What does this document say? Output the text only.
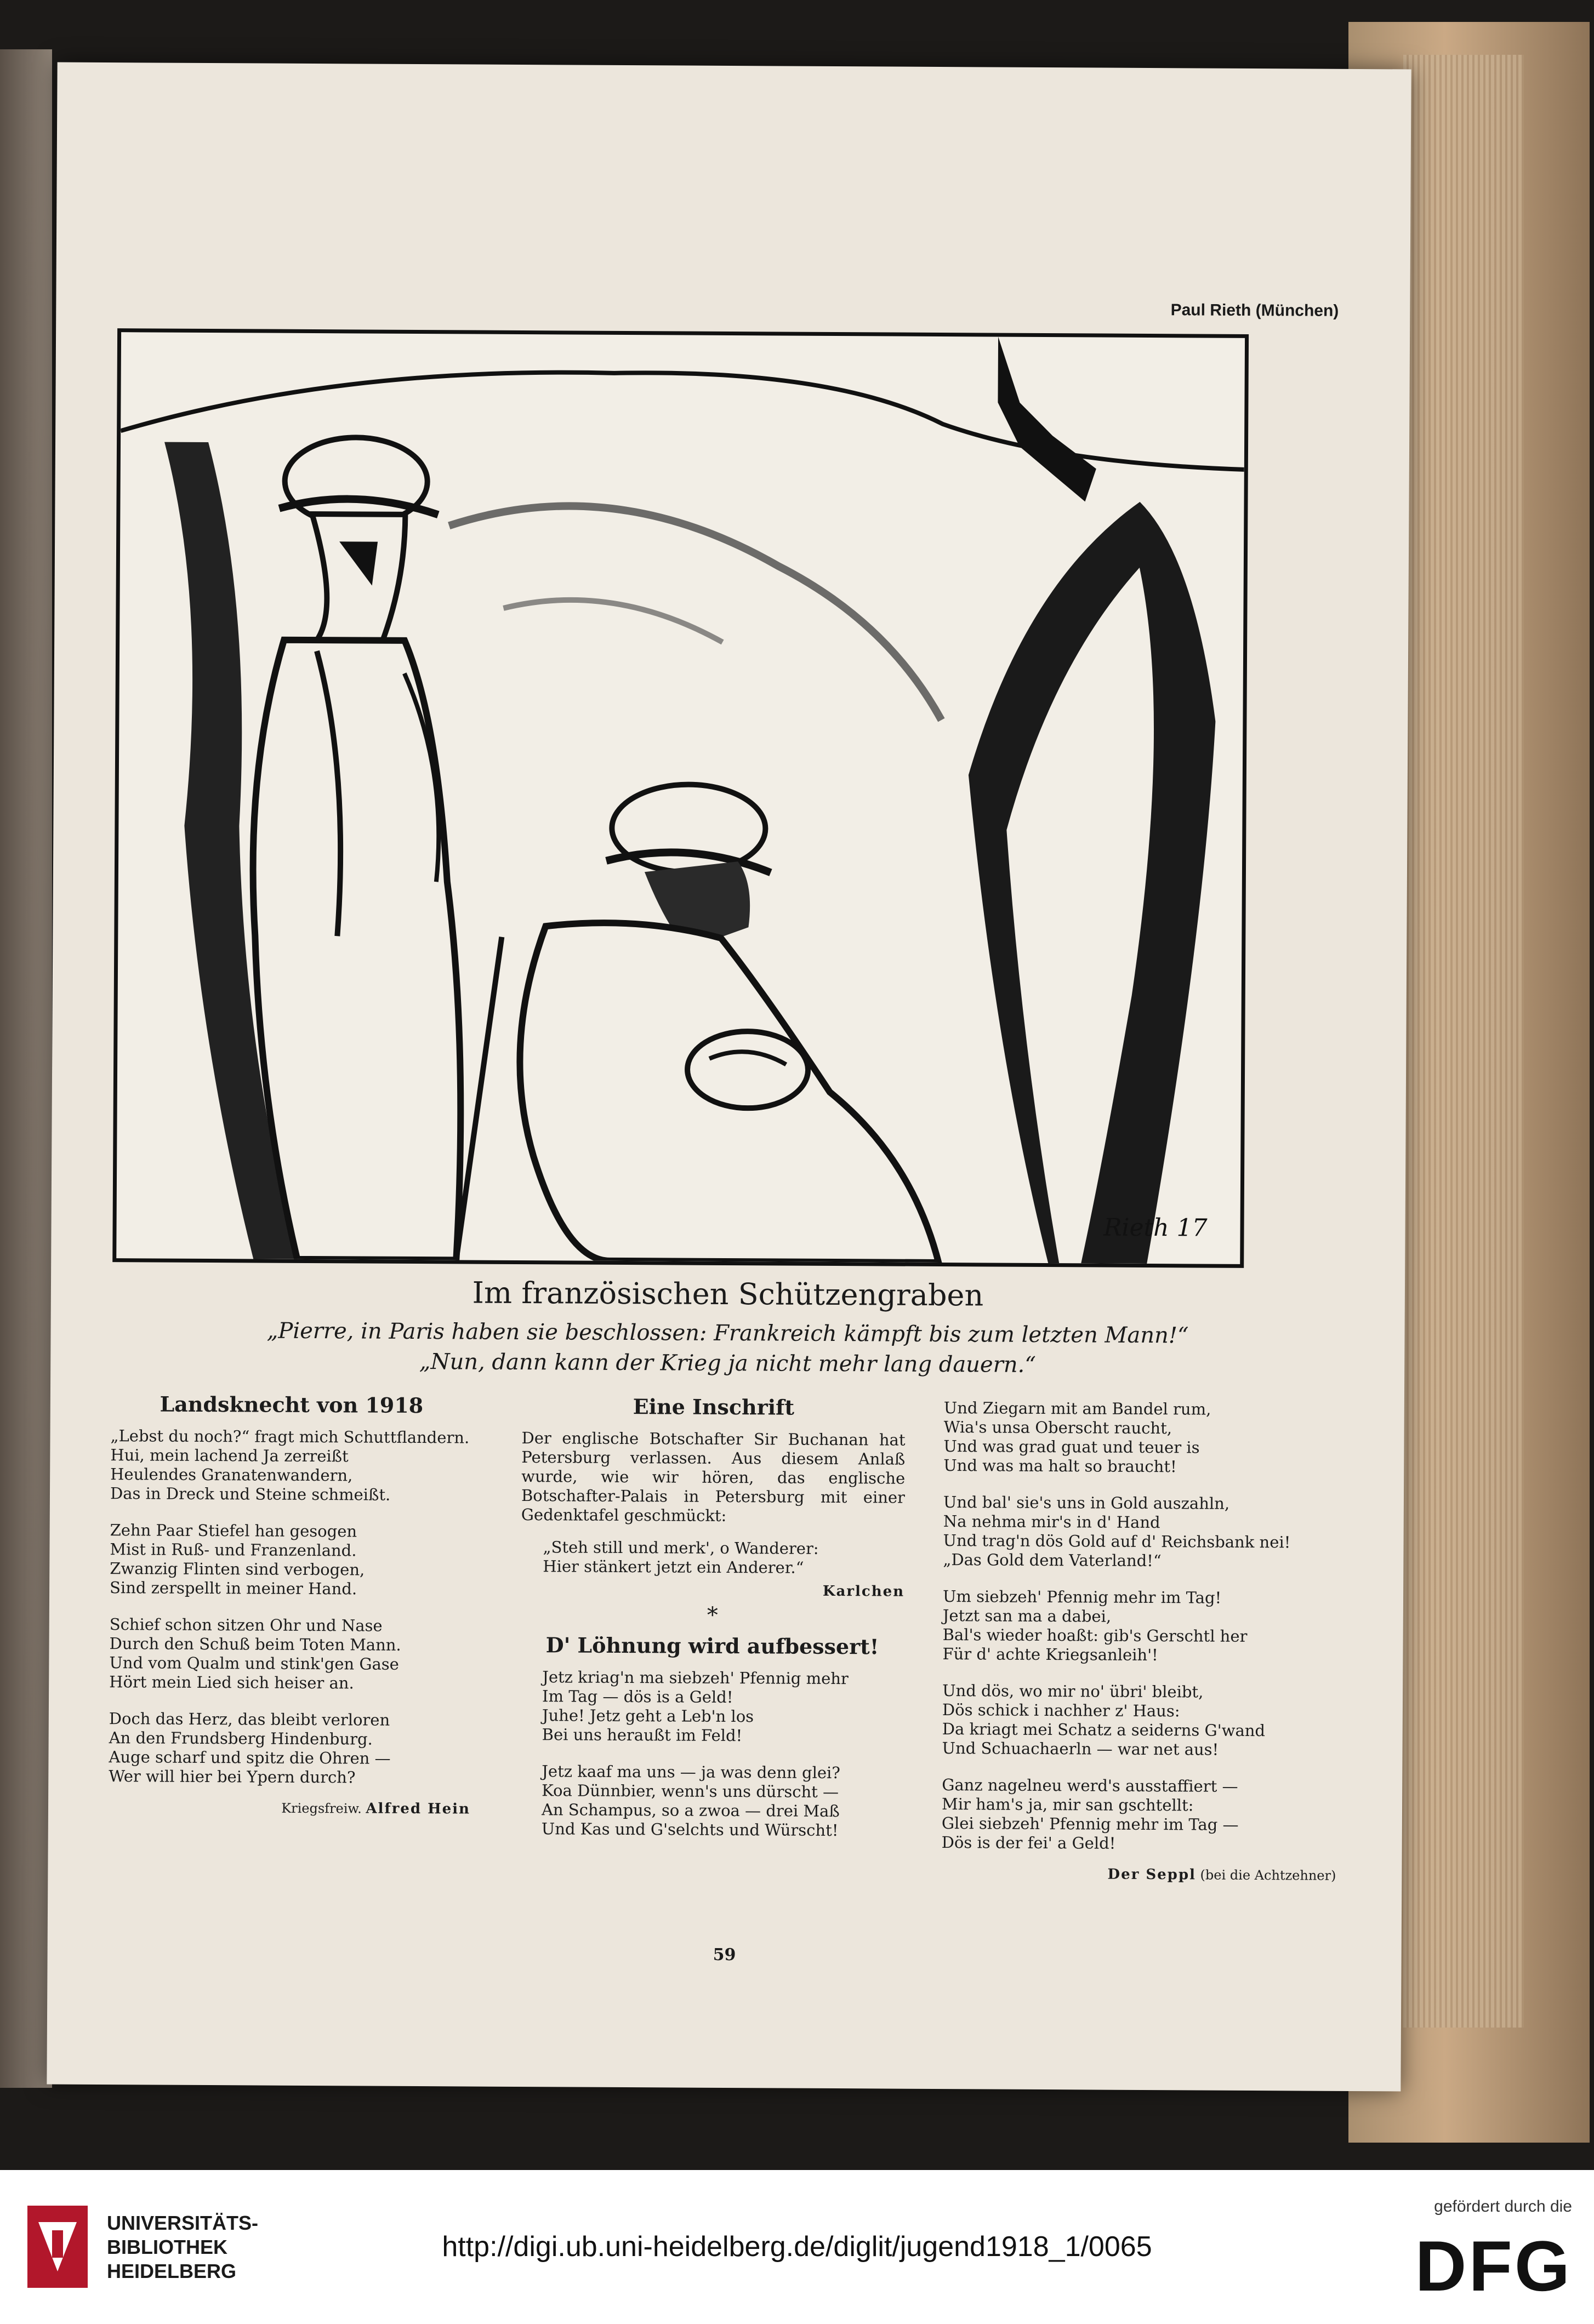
Paul Rieth (München)
Rieth 17
Im französischen Schützengraben
„Pierre, in Paris haben sie beschlossen: Frankreich kämpft bis zum letzten Mann!“
„Nun, dann kann der Krieg ja nicht mehr lang dauern.“
Landsknecht von 1918
„Lebst du noch?“ fragt mich Schuttflandern.
Hui, mein lachend Ja zerreißt
Heulendes Granatenwandern,
Das in Dreck und Steine schmeißt.
Zehn Paar Stiefel han gesogen
Mist in Ruß- und Franzenland.
Zwanzig Flinten sind verbogen,
Sind zerspellt in meiner Hand.
Schief schon sitzen Ohr und Nase
Durch den Schuß beim Toten Mann.
Und vom Qualm und stink'gen Gase
Hört mein Lied sich heiser an.
Doch das Herz, das bleibt verloren
An den Frundsberg Hindenburg.
Auge scharf und spitz die Ohren —
Wer will hier bei Ypern durch?
Kriegsfreiw. Alfred Hein
Eine Inschrift
Der englische Botschafter Sir Buchanan hat Petersburg verlassen. Aus diesem Anlaß wurde, wie wir hören, das englische Botschafter-Palais in Petersburg mit einer Gedenktafel geschmückt:
„Steh still und merk', o Wanderer:
Hier stänkert jetzt ein Anderer.“
Karlchen
*
D' Löhnung wird aufbessert!
Jetz kriag'n ma siebzeh' Pfennig mehr
Im Tag — dös is a Geld!
Juhe! Jetz geht a Leb'n los
Bei uns heraußt im Feld!
Jetz kaaf ma uns — ja was denn glei?
Koa Dünnbier, wenn's uns dürscht —
An Schampus, so a zwoa — drei Maß
Und Kas und G'selchts und Würscht!
Und Ziegarn mit am Bandel rum,
Wia's unsa Oberscht raucht,
Und was grad guat und teuer is
Und was ma halt so braucht!
Und bal' sie's uns in Gold auszahln,
Na nehma mir's in d' Hand
Und trag'n dös Gold auf d' Reichsbank nei!
„Das Gold dem Vaterland!“
Um siebzeh' Pfennig mehr im Tag!
Jetzt san ma a dabei,
Bal's wieder hoaßt: gib's Gerschtl her
Für d' achte Kriegsanleih'!
Und dös, wo mir no' übri' bleibt,
Dös schick i nachher z' Haus:
Da kriagt mei Schatz a seiderns G'wand
Und Schuachaerln — war net aus!
Ganz nagelneu werd's ausstaffiert —
Mir ham's ja, mir san gschtellt:
Glei siebzeh' Pfennig mehr im Tag —
Dös is der fei' a Geld!
Der Seppl (bei die Achtzehner)
59
UNIVERSITÄTS-
BIBLIOTHEK
HEIDELBERG
http://digi.ub.uni-heidelberg.de/diglit/jugend1918_1/0065
gefördert durch die
DFG
